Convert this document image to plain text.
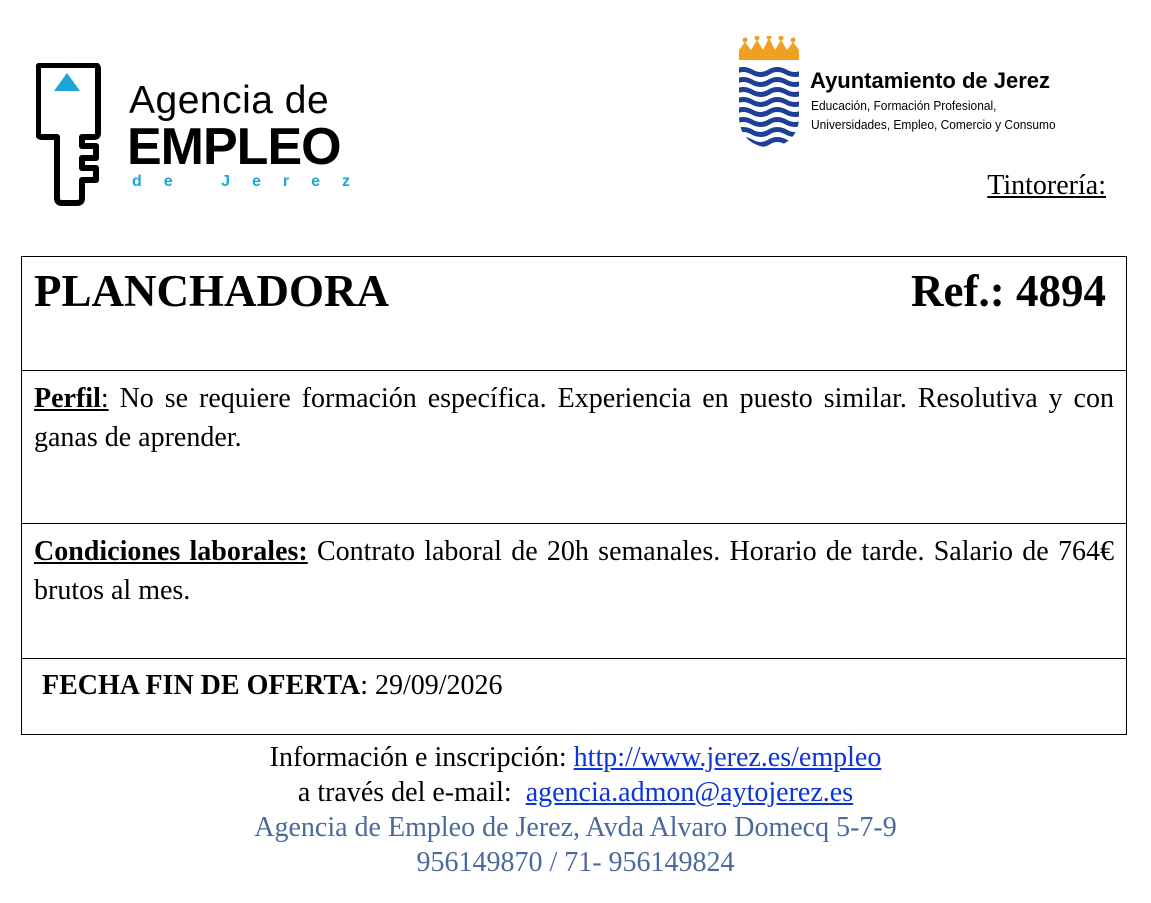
Agencia de
EMPLEO
de Jerez
Ayuntamiento de Jerez
Educación, Formación Profesional,
Universidades, Empleo, Comercio y Consumo
Tintorería:
PLANCHADORA	Ref.: 4894
Perfil: No se requiere formación específica. Experiencia en puesto similar. Resolutiva y con ganas de aprender.
Condiciones laborales: Contrato laboral de 20h semanales. Horario de tarde. Salario de 764€ brutos al mes.
FECHA FIN DE OFERTA: 29/09/2026
Información e inscripción: http://www.jerez.es/empleo
a través del e-mail:  agencia.admon@aytojerez.es
Agencia de Empleo de Jerez, Avda Alvaro Domecq 5-7-9
956149870 / 71- 956149824
